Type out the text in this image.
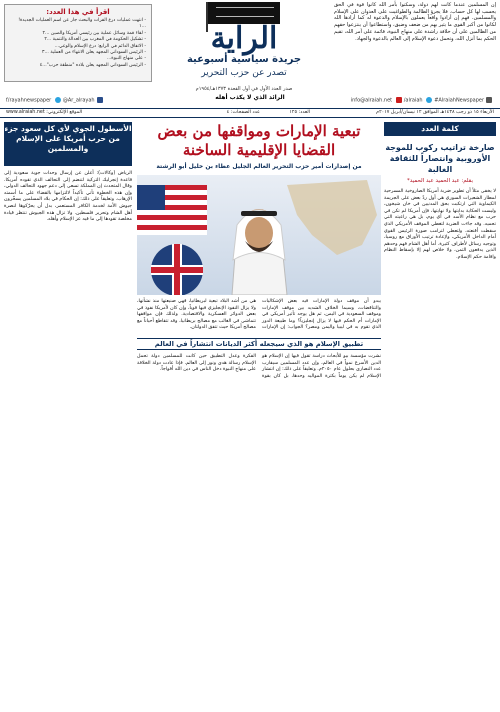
اقرأ في هذا العدد:
- انتهت عمليات درع الفرات والبحث جار عن اسم العمليات الجديدة! ...١
- لقاء قمة وسائل عملية بين رئيسي أمريكا والصين ...٢
- تشكيل الحكومة في المغرب بين العدالة والتنمية ...٢
- الاتفاق الدائم في الرابع: درع الإسلام والوعي...
- الرئيس السوداني المجهد يعلن الانتهاء من العملية ...٣
- على منهاج النبوة...
- الرئيس السوداني المجهد يعلن بلاده "منطقة حرب"...٤
الراية
جريدة سياسية أسبوعية
تصدر عن حزب التحرير
إن المسلمين عندما كانت لهم دولة، وسكنوا بأمر الله كانوا قوة في الحق يحسب لها كل حساب. فلا يجرؤ الظالمة والطواغيت على العدوان على الإسلام والمسلمين. فهم إن أرادوا واقعاً يعملون بالإسلام والدعوة له كما أرادها الله لكانوا من أكبر القوى ما يثير بهم من ضعف وضيق، واستطاعوا أن ينتزعوا حقهم من الظالمين على أن خلافة راشدة على منهاج النبوة، قائمة على أمر الله، تقيم الحكم بما أنزل الله، وتحمل دعوة الإسلام إلى العالم بالدعوة والجهاد.
صدر العدد الأول في أول القعدة ١٣٧٣هـ/١٩٥٤م
f/rayahnewspaper @Ar_alrayah	info@alraiah.net /alraiah #AlraiahNewspaper
الرائد الذي لا يكذب أهله
الأربعاء ١٥ ذو رجب ١٤٣٨هـ الموافق ١٢ نيسان/أبريل ٢٠١٧م
العدد: ١٢٥
عدد الصفحات: ٤
الموقع الإلكتروني: www.alraiah.net
كلمة العدد
صارخة تراتيب ركوب للموجة الأوروبية وانتصاراً للثقافة الغالبة
بقلم: عبد الحميد عبد الحميد*
لا يخفى مثلاً أن تطوير ضربة أمريكا الصاروخية المسرحية لمطار الشعيرات السوري هي أول ردّ بعض على الجريمة الكيماوية التي ارتكبت بحق المدنيين في خان شيخون، وليست الحكاية بدايتها ولا نهايتها، فإن أمريكا لم تكن في حرب مع نظام الأسد في أي يوم، بل هي راعيته التي تحميه. وقد جاءت الضربة لتغطي الموقف الأمريكي الذي سقطت أقنعته، ولتعطي لترامب صورة الرئيس القوي أمام الداخل الأمريكي، ولإعادة ترتيب الأوراق مع روسيا، وتوجيه رسائل لأطراف كثيرة. أما أهل الشام فهم وحدهم الذين يدفعون الثمن، ولا خلاص لهم إلا بإسقاط النظام واقامة حكم الإسلام.
تبعية الإمارات ومواقفها من بعض القضايا الإقليمية الساخنة
من إصدارات أمير حزب التحرير العالم الجليل عطاء بن خليل أبو الرشتة
يبدو أن موقف دولة الإمارات فيه بعض الإشكاليات والتناقضات، وسيما الخلاف الشديد بين موقف الإمارات وموقف السعودية في اليمن، ثم هل يوجد تأثير أمريكي في الإمارات أم الحكم فيها لا يزال إنجليزياً؟ وما طبيعة الدور الذي تقوم به في ليبيا واليمن ومصر؟ الجواب: إن الإمارات هي من أشد البلاد تبعية لبريطانيا، فهي صنيعتها منذ نشأتها، ولا يزال النفوذ الإنجليزي فيها قوياً، وإن كان لأمريكا نفوذ في بعض الدوائر العسكرية والاقتصادية. ولذلك فإن مواقفها تتماشى في الغالب مع مصالح بريطانيا، وقد تتقاطع أحياناً مع مصالح أمريكا حيث تتفق الدولتان.
تطبيق الإسلام هو الذي سيجعله أكثر الديانات انتشاراً في العالم
نشرت مؤسسة بيو للأبحاث دراسة تقول فيها إن الإسلام هو الدين الأسرع نمواً في العالم، وإن عدد المسلمين سيقارب عدد النصارى بحلول عام ٢٠٥٠م. وتعليقاً على ذلك: إن انتشار الإسلام لم يكن يوماً بكثرة المواليد وحدها، بل كان بقوة الفكرة وعدل التطبيق حين كانت للمسلمين دولة تحمل الإسلام رسالة هدى ونور إلى العالم. فإذا عادت دولة الخلافة على منهاج النبوة دخل الناس في دين الله أفواجاً.
الأسطول الجوي لأي كل سعود جزء من حرب أمريكا على الإسلام والمسلمين
الرياض (وكالات): أعلن عن إرسال وحدات جوية سعودية إلى قاعدة إنجرليك التركية لتنضم إلى التحالف الذي تقوده أمريكا. وقال المتحدث إن المملكة تسعى إلى دعم جهود التحالف الدولي، وإن هذه الخطوة تأتي تأكيداً لالتزامها بالقضاء على ما أسمته الإرهاب. وتعليقاً على ذلك: إن الحكام في بلاد المسلمين يسخّرون جيوش الأمة لخدمة الكافر المستعمر، بدل أن يحرّكوها لنصرة أهل الشام وتحرير فلسطين. ولا تزال هذه الجيوش تنتظر قيادة مخلصة تقودها إلى ما فيه عز الإسلام وأهله.
